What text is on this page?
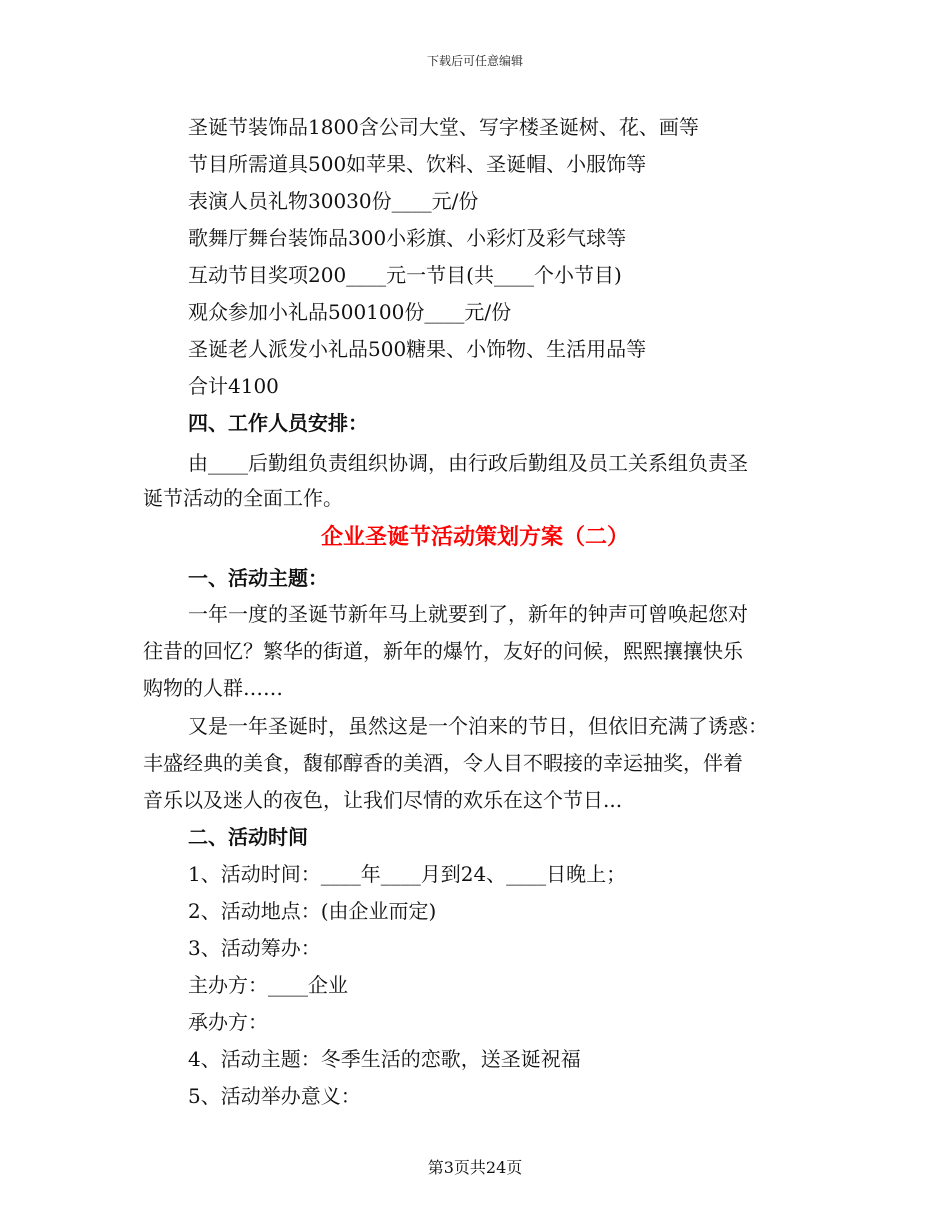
下载后可任意编辑
圣诞节装饰品1800含公司大堂、写字楼圣诞树、花、画等
节目所需道具500如苹果、饮料、圣诞帽、小服饰等
表演人员礼物30030份____元/份
歌舞厅舞台装饰品300小彩旗、小彩灯及彩气球等
互动节目奖项200____元一节目(共____个小节目)
观众参加小礼品500100份____元/份
圣诞老人派发小礼品500糖果、小饰物、生活用品等
合计4100
四、工作人员安排：
由____后勤组负责组织协调，由行政后勤组及员工关系组负责圣
诞节活动的全面工作。
企业圣诞节活动策划方案（二）
一、活动主题：
一年一度的圣诞节新年马上就要到了，新年的钟声可曾唤起您对
往昔的回忆？繁华的街道，新年的爆竹，友好的问候，熙熙攘攘快乐
购物的人群……
又是一年圣诞时，虽然这是一个泊来的节日，但依旧充满了诱惑：
丰盛经典的美食，馥郁醇香的美酒，令人目不暇接的幸运抽奖，伴着
音乐以及迷人的夜色，让我们尽情的欢乐在这个节日...
二、活动时间
1、活动时间：____年____月到24、____日晚上；
2、活动地点：(由企业而定)
3、活动筹办：
主办方：____企业
承办方：
4、活动主题：冬季生活的恋歌，送圣诞祝福
5、活动举办意义：
第3页共24页
